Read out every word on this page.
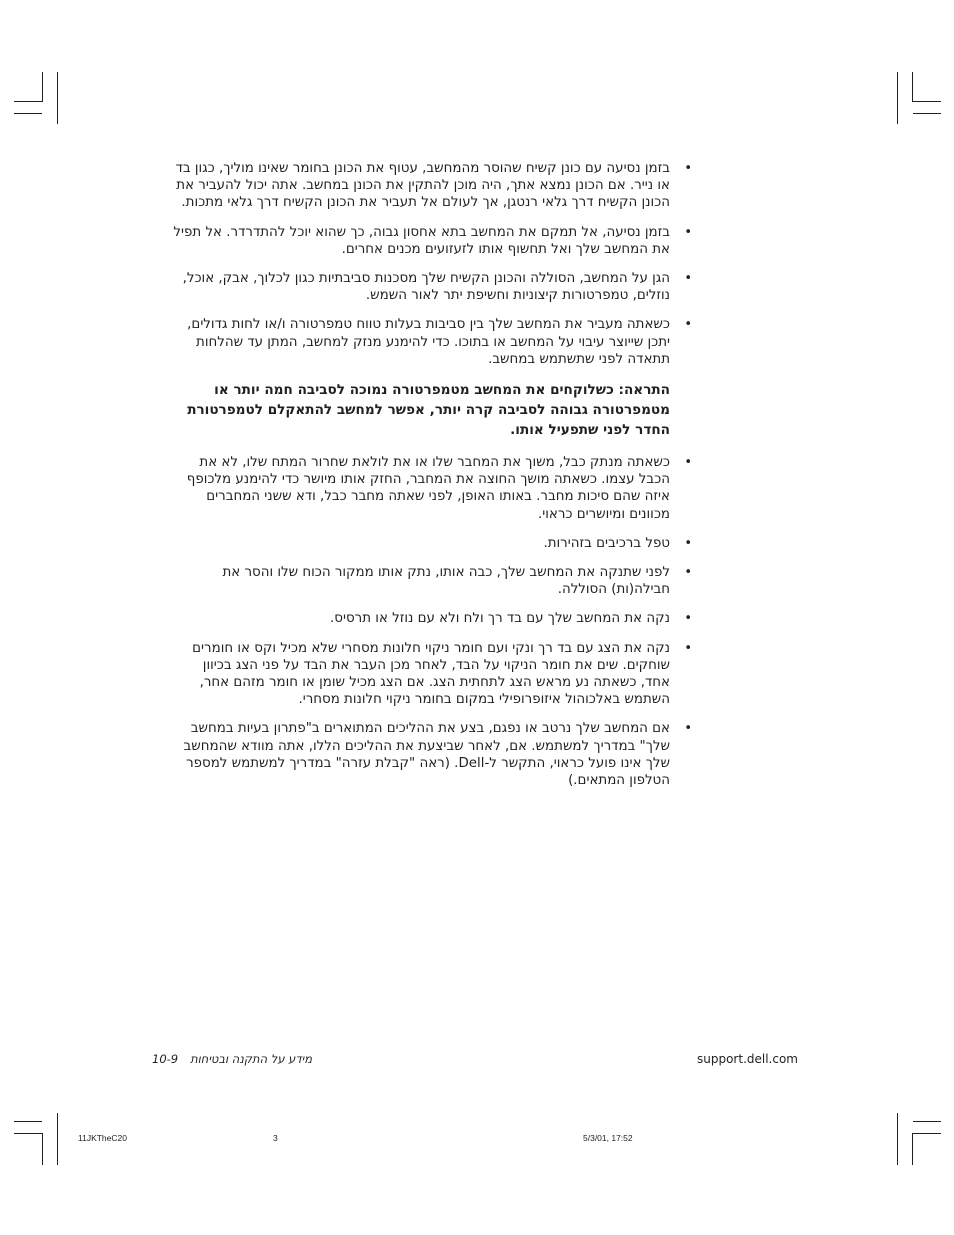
•
בזמן נסיעה עם כונן קשיח שהוסר מהמחשב, עטוף את הכונן בחומר שאינו מוליך, כגון בד או נייר. אם הכונן נמצא אתך, היה מוכן להתקין את הכונן במחשב. אתה יכול להעביר את הכונן הקשיח דרך גלאי רנטגן, אך לעולם אל תעביר את הכונן הקשיח דרך גלאי מתכות.
•
בזמן נסיעה, אל תמקם את המחשב בתא אחסון גבוה, כך שהוא יוכל להתדרדר. אל תפיל את המחשב שלך ואל תחשוף אותו לזעזועים מכנים אחרים.
•
הגן על המחשב, הסוללה והכונן הקשיח שלך מסכנות סביבתיות כגון לכלוך, אבק, אוכל, נוזלים, טמפרטורות קיצוניות וחשיפת יתר לאור השמש.
•
כשאתה מעביר את המחשב שלך בין סביבות בעלות טווח טמפרטורה ו/או לחות גדולים, יתכן שייוצר עיבוי על המחשב או בתוכו. כדי להימנע מנזק למחשב, המתן עד שהלחות תתאדה לפני שתשתמש במחשב.

התראה: כשלוקחים את המחשב מטמפרטורה נמוכה לסביבה חמה יותר או מטמפרטורה גבוהה לסביבה קרה יותר, אפשר למחשב להתאקלם לטמפרטורת החדר לפני שתפעיל אותו.

•
כשאתה מנתק כבל, משוך את המחבר שלו או את לולאת שחרור המתח שלו, לא את הכבל עצמו. כשאתה מושך החוצה את המחבר, החזק אותו מיושר כדי להימנע מלכופף איזה שהם סיכות מחבר. באותו האופן, לפני שאתה מחבר כבל, ודא ששני המחברים מכוונים ומיושרים כראוי.
•
טפל ברכיבים בזהירות.
•
לפני שתנקה את המחשב שלך, כבה אותו, נתק אותו ממקור הכוח שלו והסר את חבילה(ות) הסוללה.
•
נקה את המחשב שלך עם בד רך ולח ולא עם נוזל או תרסיס.
•
נקה את הצג עם בד רך ונקי ועם חומר ניקוי חלונות מסחרי שלא מכיל וקס או חומרים שוחקים. שים את חומר הניקוי על הבד, לאחר מכן העבר את הבד על פני הצג בכיוון אחד, כשאתה נע מראש הצג לתחתית הצג. אם הצג מכיל שומן או חומר מזהם אחר, השתמש באלכוהול איזופרופילי במקום בחומר ניקוי חלונות מסחרי.
•
אם המחשב שלך נרטב או נפגם, בצע את ההליכים המתוארים ב"פתרון בעיות במחשב שלך" במדריך למשתמש. אם, לאחר שביצעת את ההליכים הללו, אתה מוודא שהמחשב שלך אינו פועל כראוי, התקשר ל-Dell. (ראה "קבלת עזרה" במדריך למשתמש למספר הטלפון המתאים.)
מידע על התקנה ובטיחות10-9	support.dell.com
11JKTheC20	3	5/3/01, 17:52
